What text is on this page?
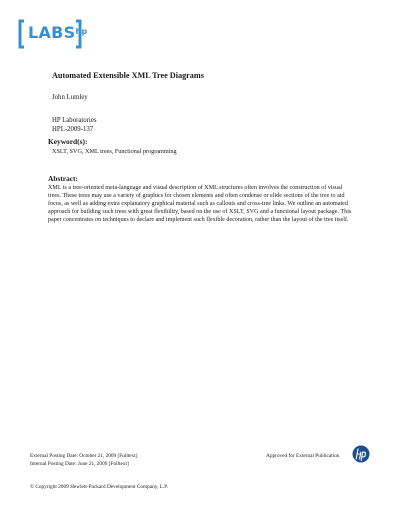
$LABS^{hp}$
Automated Extensible XML Tree Diagrams
John Lumley
HP Laboratories
HPL-2009-137
Keyword(s):
XSLT, SVG, XML trees, Functional programming
Abstract:
XML is a tree-oriented meta-language and visual description of XML structures often involves the construction of visual trees. These trees may use a variety of graphics for chosen elements and often condense or elide sections of the tree to aid focus, as well as adding extra explanatory graphical material such as callouts and cross-tree links. We outline an automated approach for building such trees with great flexibility, based on the use of XSLT, SVG and a functional layout package. This paper concentrates on techniques to declare and implement such flexible decoration, rather than the layout of the tree itself.
External Posting Date: October 21, 2009 [Fulltext]
Internal Posting Date: June 21, 2009 [Fulltext]
Approved for External Publication
© Copyright 2009 Hewlett-Packard Development Company, L.P.
